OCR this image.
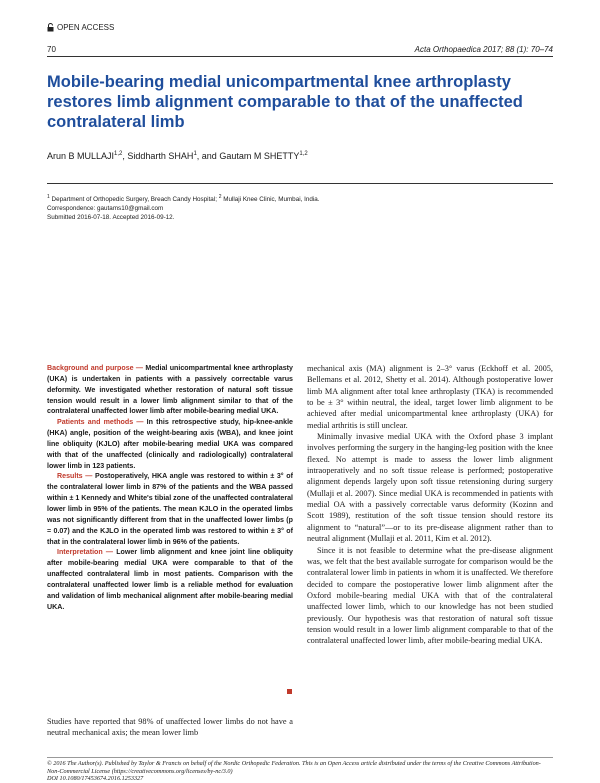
OPEN ACCESS
70	Acta Orthopaedica 2017; 88 (1): 70–74
Mobile-bearing medial unicompartmental knee arthroplasty restores limb alignment comparable to that of the unaffected contralateral limb
Arun B MULLAJI$^{1,2}$, Siddharth SHAH$^1$, and Gautam M SHETTY$^{1,2}$
$^1$ Department of Orthopedic Surgery, Breach Candy Hospital; $^2$ Mullaji Knee Clinic, Mumbai, India.
Correspondence: gautams10@gmail.com
Submitted 2016-07-18. Accepted 2016-09-12.

Background and purpose — Medial unicompartmental knee arthroplasty (UKA) is undertaken in patients with a passively correctable varus deformity. We investigated whether restoration of natural soft tissue tension would result in a lower limb alignment similar to that of the contralateral unaffected lower limb after mobile-bearing medial UKA.

Patients and methods — In this retrospective study, hip-knee-ankle (HKA) angle, position of the weight-bearing axis (WBA), and knee joint line obliquity (KJLO) after mobile-bearing medial UKA was compared with that of the unaffected (clinically and radiologically) contralateral lower limb in 123 patients.

Results — Postoperatively, HKA angle was restored to within ± 3° of the contralateral lower limb in 87% of the patients and the WBA passed within ± 1 Kennedy and White's tibial zone of the unaffected contralateral lower limb in 95% of the patients. The mean KJLO in the operated limbs was not significantly different from that in the unaffected lower limbs (p = 0.07) and the KJLO in the operated limb was restored to within ± 3° of that in the contralateral lower limb in 96% of the patients.

Interpretation — Lower limb alignment and knee joint line obliquity after mobile-bearing medial UKA were comparable to that of the unaffected contralateral limb in most patients. Comparison with the contralateral unaffected lower limb is a reliable method for evaluation and validation of limb mechanical alignment after mobile-bearing medial UKA.

Studies have reported that 98% of unaffected lower limbs do not have a neutral mechanical axis; the mean lower limb

mechanical axis (MA) alignment is 2–3° varus (Eckhoff et al. 2005, Bellemans et al. 2012, Shetty et al. 2014). Although postoperative lower limb MA alignment after total knee arthroplasty (TKA) is recommended to be ± 3° within neutral, the ideal, target lower limb alignment to be achieved after medial unicompartmental knee arthroplasty (UKA) for medial arthritis is still unclear.

Minimally invasive medial UKA with the Oxford phase 3 implant involves performing the surgery in the hanging-leg position with the knee flexed. No attempt is made to assess the lower limb alignment intraoperatively and no soft tissue release is performed; postoperative alignment depends largely upon soft tissue retensioning during surgery (Mullaji et al. 2007). Since medial UKA is recommended in patients with medial OA with a passively correctable varus deformity (Kozinn and Scott 1989), restitution of the soft tissue tension should restore its alignment to “natural”—or to its pre-disease alignment rather than to neutral alignment (Mullaji et al. 2011, Kim et al. 2012).

Since it is not feasible to determine what the pre-disease alignment was, we felt that the best available surrogate for comparison would be the contralateral lower limb in patients in whom it is unaffected. We therefore decided to compare the postoperative lower limb alignment after the Oxford mobile-bearing medial UKA with that of the contralateral unaffected lower limb, which to our knowledge has not been studied previously. Our hypothesis was that restoration of natural soft tissue tension would result in a lower limb alignment comparable to that of the contralateral unaffected lower limb, after mobile-bearing medial UKA.

© 2016 The Author(s). Published by Taylor & Francis on behalf of the Nordic Orthopedic Federation. This is an Open Access article distributed under the terms of the Creative Commons Attribution-Non-Commercial License (https://creativecommons.org/licenses/by-nc/3.0)
DOI 10.1080/17453674.2016.1253327
